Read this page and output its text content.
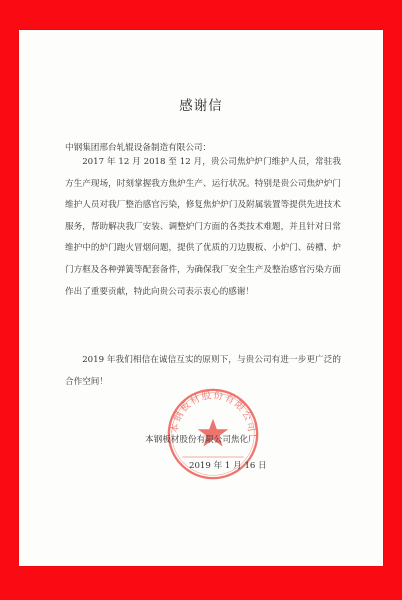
感谢信
中钢集团邢台轧辊设备制造有限公司：

2017 年 12 月 2018 至 12 月，贵公司焦炉炉门维护人员，常驻我方生产现场，时刻掌握我方焦炉生产、运行状况。特别是贵公司焦炉炉门维护人员对我厂整治感官污染，修复焦炉炉门及附属装置等提供先进技术服务，帮助解决我厂安装、调整炉门方面的各类技术难题，并且针对日常维护中的炉门跑火冒烟问题，提供了优质的刀边腹板、小炉门、砖槽、炉门方框及各种弹簧等配套备件，为确保我厂安全生产及整治感官污染方面作出了重要贡献，特此向贵公司表示衷心的感谢！

2019 年我们相信在诚信互实的原则下，与贵公司有进一步更广泛的合作空间！

本钢板材股份有限公司
本钢板材股份有限公司焦化厂
2019 年 1 月 16 日
